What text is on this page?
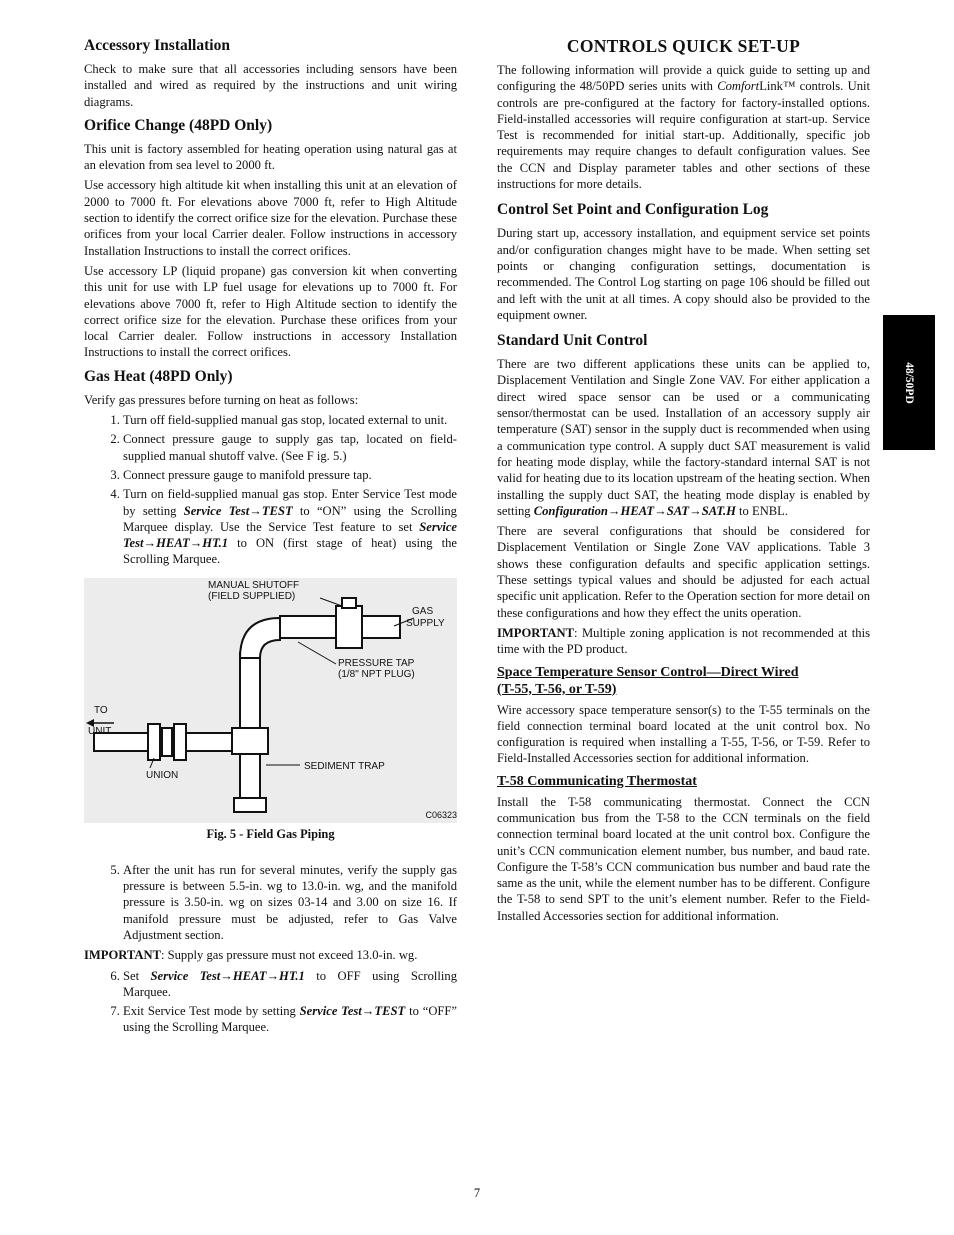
Accessory Installation

Check to make sure that all accessories including sensors have been installed and wired as required by the instructions and unit wiring diagrams.

Orifice Change (48PD Only)

This unit is factory assembled for heating operation using natural gas at an elevation from sea level to 2000 ft.

Use accessory high altitude kit when installing this unit at an elevation of 2000 to 7000 ft. For elevations above 7000 ft, refer to High Altitude section to identify the correct orifice size for the elevation. Purchase these orifices from your local Carrier dealer. Follow instructions in accessory Installation Instructions to install the correct orifices.

Use accessory LP (liquid propane) gas conversion kit when converting this unit for use with LP fuel usage for elevations up to 7000 ft. For elevations above 7000 ft, refer to High Altitude section to identify the correct orifice size for the elevation. Purchase these orifices from your local Carrier dealer. Follow instructions in accessory Installation Instructions to install the correct orifices.

Gas Heat (48PD Only)

Verify gas pressures before turning on heat as follows:

1. Turn off field-supplied manual gas stop, located external to unit.
2. Connect pressure gauge to supply gas tap, located on field-supplied manual shutoff valve. (See F ig. 5.)
3. Connect pressure gauge to manifold pressure tap.
4. Turn on field-supplied manual gas stop. Enter Service Test mode by setting Service Test→TEST to “ON” using the Scrolling Marquee display. Use the Service Test feature to set Service Test→HEAT→HT.1 to ON (first stage of heat) using the Scrolling Marquee.
MANUAL SHUTOFF
(FIELD SUPPLIED)
GAS
SUPPLY
PRESSURE TAP
(1/8" NPT PLUG)
TO
UNIT
UNION
SEDIMENT TRAP
C06323
Fig. 5 - Field Gas Piping
5. After the unit has run for several minutes, verify the supply gas pressure is between 5.5-in. wg to 13.0-in. wg, and the manifold pressure is 3.50-in. wg on sizes 03-14 and 3.00 on size 16. If manifold pressure must be adjusted, refer to Gas Valve Adjustment section.

IMPORTANT: Supply gas pressure must not exceed 13.0-in. wg.

6. Set Service Test→HEAT→HT.1 to OFF using Scrolling Marquee.
7. Exit Service Test mode by setting Service Test→TEST to “OFF” using the Scrolling Marquee.
CONTROLS QUICK SET-UP

The following information will provide a quick guide to setting up and configuring the 48/50PD series units with ComfortLink™ controls. Unit controls are pre-configured at the factory for factory-installed options. Field-installed accessories will require configuration at start-up. Service Test is recommended for initial start-up. Additionally, specific job requirements may require changes to default configuration values. See the CCN and Display parameter tables and other sections of these instructions for more details.

Control Set Point and Configuration Log

During start up, accessory installation, and equipment service set points and/or configuration changes might have to be made. When setting set points or changing configuration settings, documentation is recommended. The Control Log starting on page 106 should be filled out and left with the unit at all times. A copy should also be provided to the equipment owner.

Standard Unit Control

There are two different applications these units can be applied to, Displacement Ventilation and Single Zone VAV. For either application a direct wired space sensor can be used or a communicating sensor/thermostat can be used. Installation of an accessory supply air temperature (SAT) sensor in the supply duct is recommended when using a communication type control. A supply duct SAT measurement is valid for heating mode display, while the factory-standard internal SAT is not valid for heating due to its location upstream of the heating section. When installing the supply duct SAT, the heating mode display is enabled by setting Configuration→HEAT→SAT→SAT.H to ENBL.

There are several configurations that should be considered for Displacement Ventilation or Single Zone VAV applications. Table 3 shows these configuration defaults and specific application settings. These settings typical values and should be adjusted for each actual specific unit application. Refer to the Operation section for more detail on these configurations and how they effect the units operation.

IMPORTANT: Multiple zoning application is not recommended at this time with the PD product.

Space Temperature Sensor Control—Direct Wired
(T-55, T-56, or T-59)

Wire accessory space temperature sensor(s) to the T-55 terminals on the field connection terminal board located at the unit control box. No configuration is required when installing a T-55, T-56, or T-59. Refer to Field-Installed Accessories section for additional information.

T-58 Communicating Thermostat

Install the T-58 communicating thermostat. Connect the CCN communication bus from the T-58 to the CCN terminals on the field connection terminal board located at the unit control box. Configure the unit’s CCN communication element number, bus number, and baud rate. Configure the T-58’s CCN communication bus number and baud rate the same as the unit, while the element number has to be different. Configure the T-58 to send SPT to the unit’s element number. Refer to the Field-Installed Accessories section for additional information.

48/50PD
7
